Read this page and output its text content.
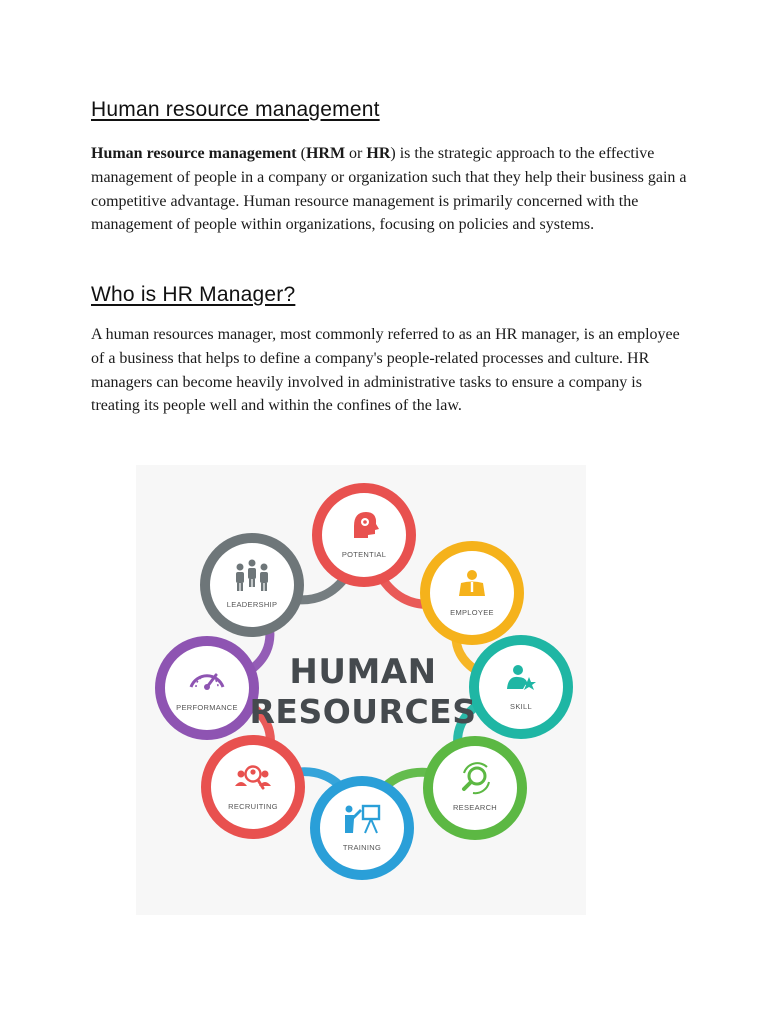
Human resource management

Human resource management (HRM or HR) is the strategic approach to the effective management of people in a company or organization such that they help their business gain a competitive advantage. Human resource management is primarily concerned with the management of people within organizations, focusing on policies and systems.

Who is HR Manager?

A human resources manager, most commonly referred to as an HR manager, is an employee of a business that helps to define a company's people-related processes and culture. HR managers can become heavily involved in administrative tasks to ensure a company is treating its people well and within the confines of the law.

POTENTIAL
EMPLOYEE
SKILL
RESEARCH
TRAINING
RECRUITING
PERFORMANCE
LEADERSHIP
HUMAN
RESOURCES
